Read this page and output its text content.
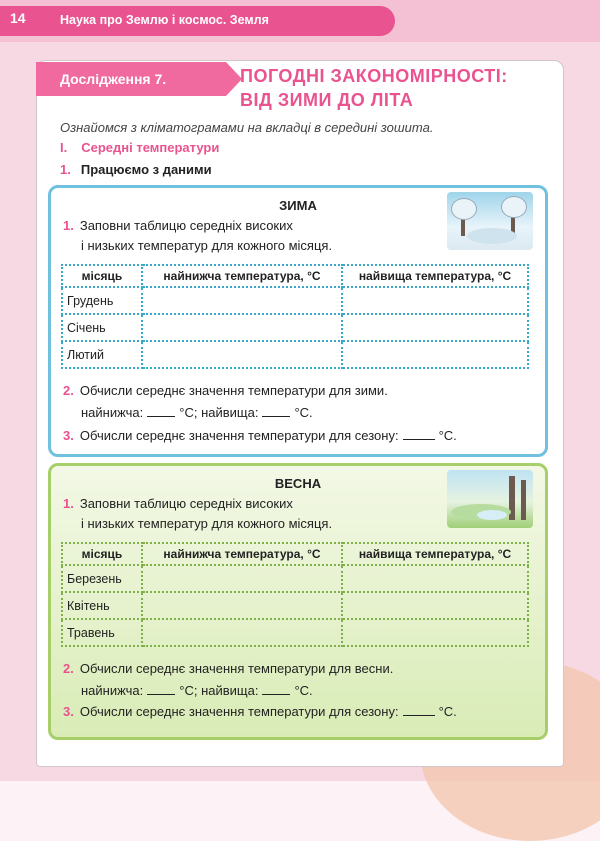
14	Наука про Землю і космос. Земля
Дослідження 7.	ПОГОДНІ ЗАКОНОМІРНОСТІ:
ВІД ЗИМИ ДО ЛІТА
Ознайомся з кліматограмами на вкладці в середині зошита.
I. Середні температури
1. Працюємо з даними
ЗИМА
1. Заповни таблицю середніх високих
і низьких температур для кожного місяця.
місяць	найнижча температура, °С	найвища температура, °С
Грудень		
Січень		
Лютий		
2. Обчисли середнє значення температури для зими.
найнижча:	°С; найвища:	°С.
3. Обчисли середнє значення температури для сезону:	°С.
ВЕСНА
1. Заповни таблицю середніх високих
і низьких температур для кожного місяця.
місяць	найнижча температура, °С	найвища температура, °С
Березень		
Квітень		
Травень		
2. Обчисли середнє значення температури для весни.
найнижча:	°С; найвища:	°С.
3. Обчисли середнє значення температури для сезону:	°С.
